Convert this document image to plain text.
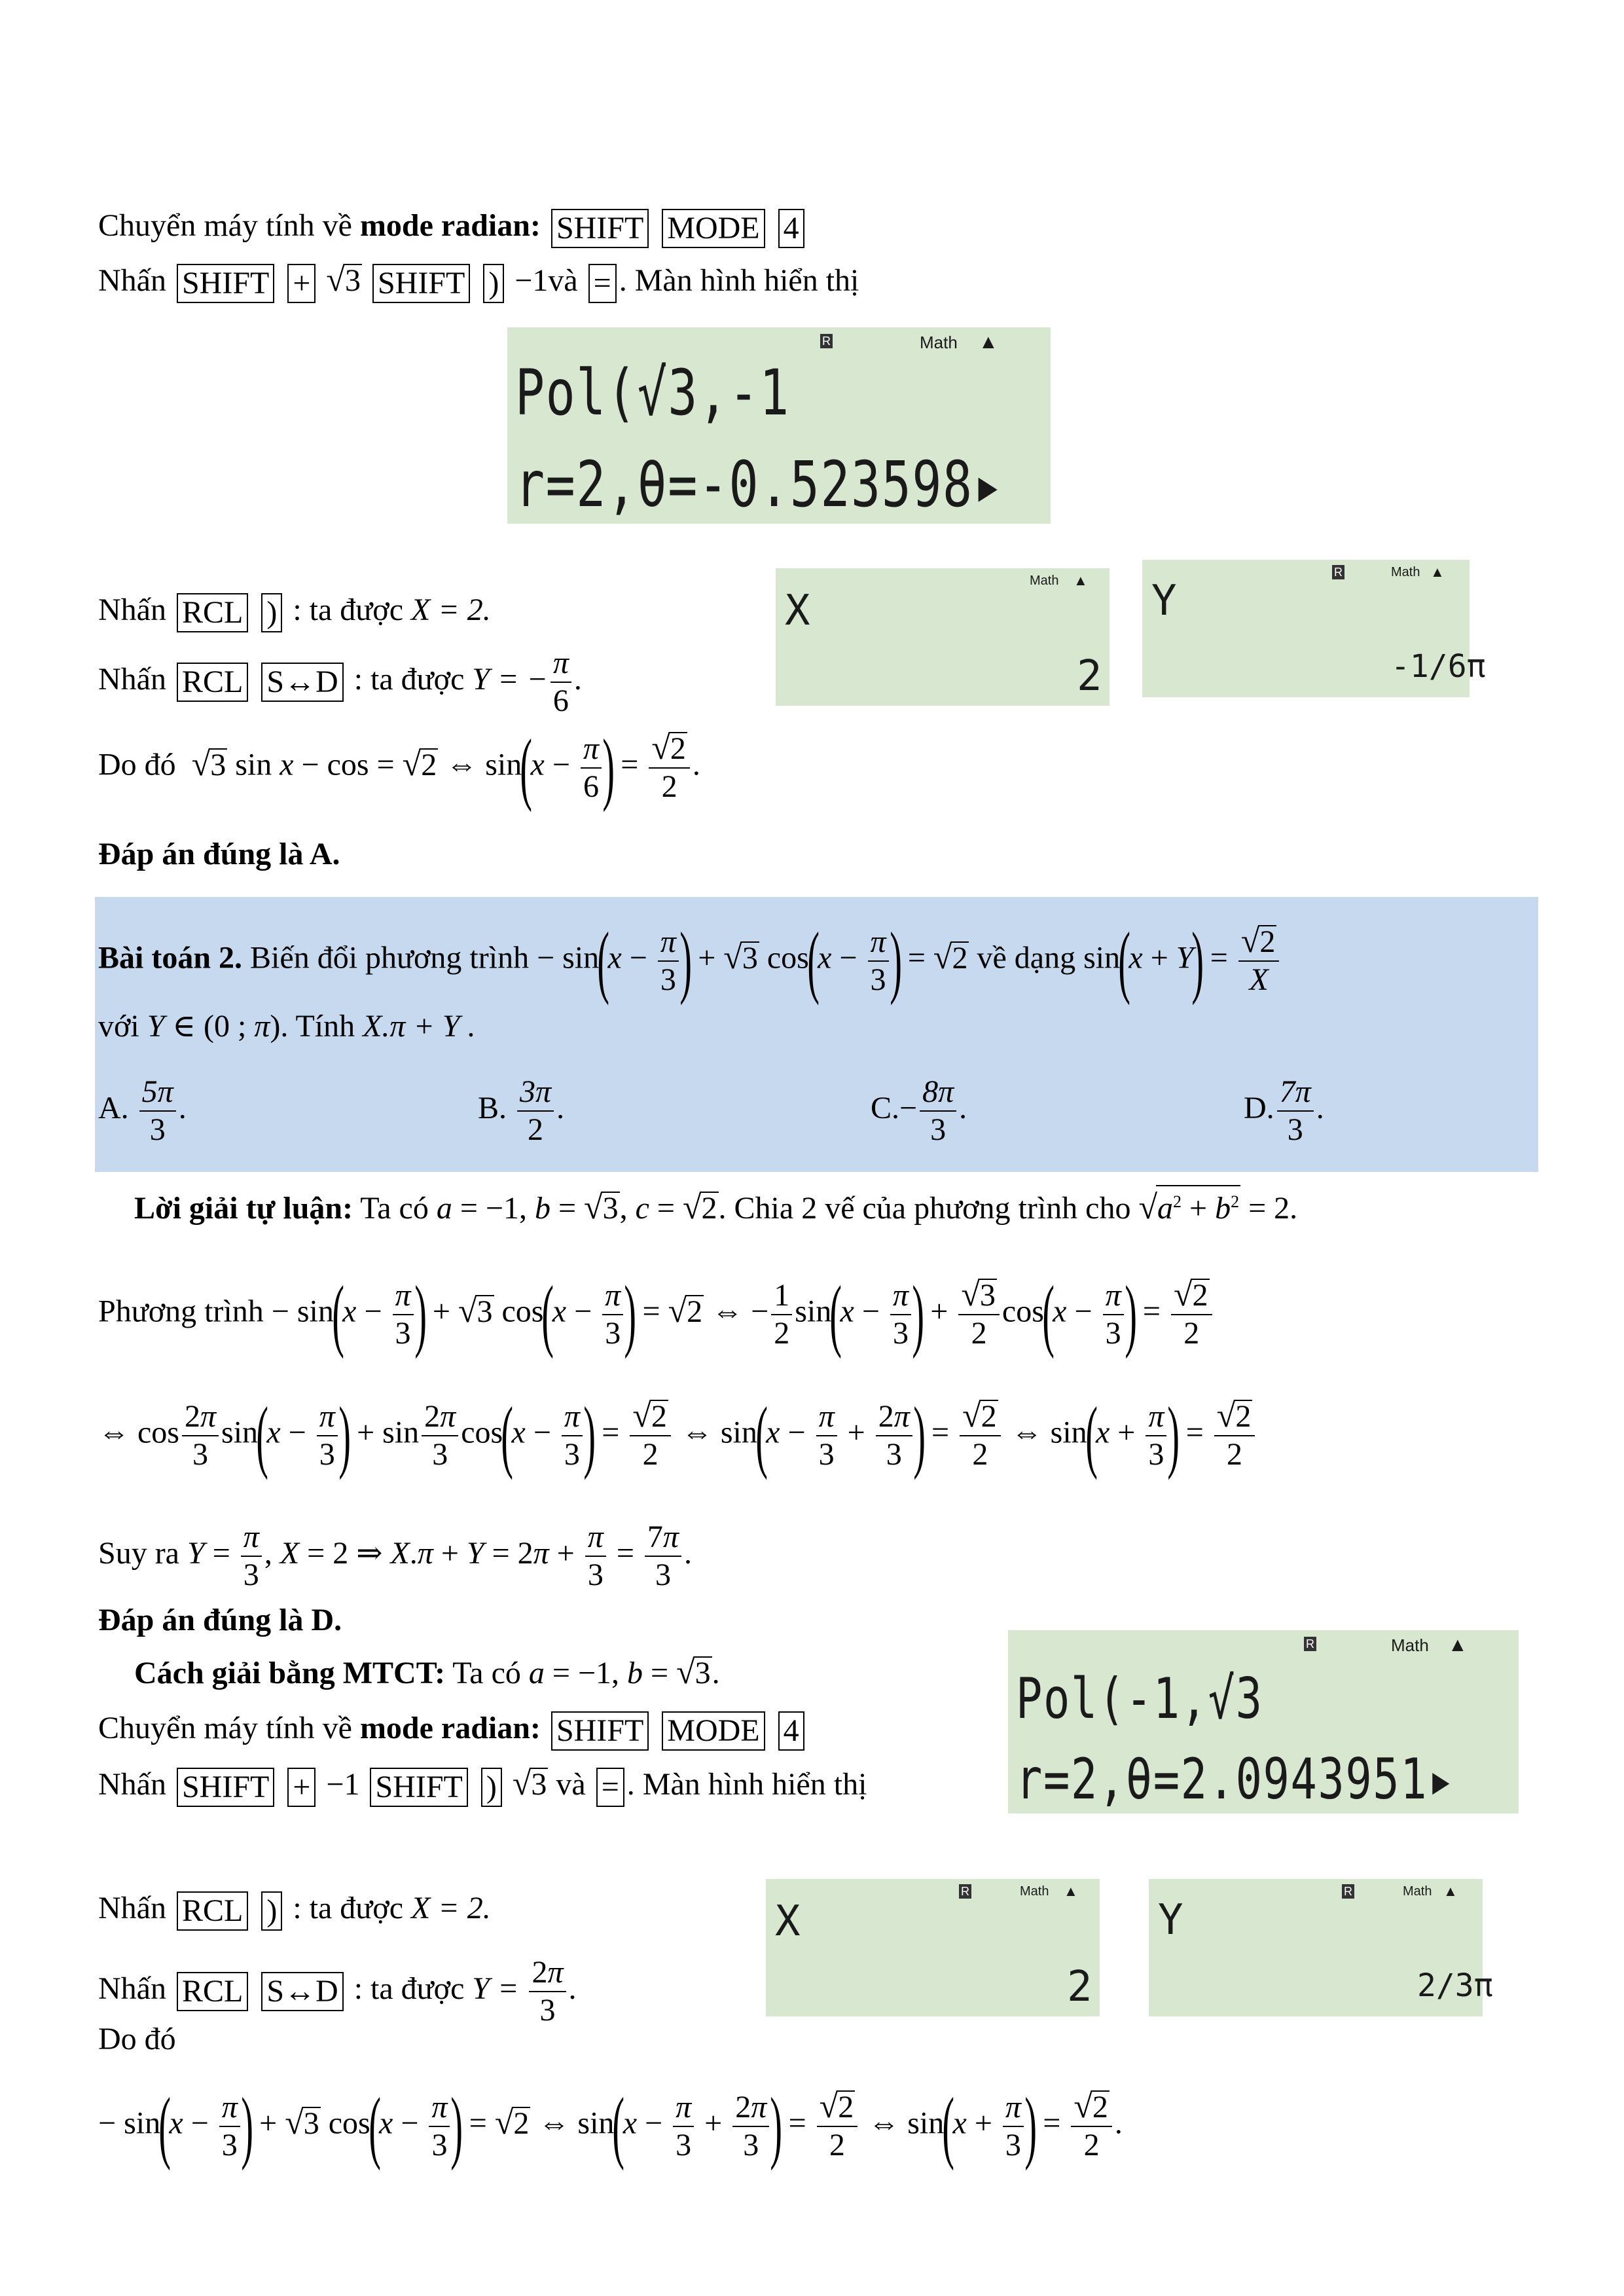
Chuyển máy tính về mode radian: SHIFT MODE 4
Nhấn SHIFT + √3 SHIFT ) −1và = . Màn hình hiển thị
R	Math ▲
Pol(√3,-1
r=2,θ=-0.523598▸
Nhấn RCL ) : ta được X = 2.
Nhấn RCL S↔D : ta được Y = − $\frac{\pi}{6}$ .
Math ▲
X
2
R	Math ▲
Y
-1/6π
Do đó √3 sin x − cos = √2 ⇔ $\sin(x - \frac{\pi}{6}$ ) = $\frac{√2}{2}$ .
Đáp án đúng là A.
Bài toán 2. Biến đổi phương trình − $\sin(x - \frac{\pi}{3}$ ) + √3 $\cos(x - \frac{\pi}{3}$ ) = √2 về dạng $\sin(x + Y) = \frac{√2}{X}$
với Y ∈ (0 ; π). Tính X.π + Y .
A. $\frac{5\pi}{3}$ .	B. $\frac{3\pi}{2}$ .	$C.- \frac{8\pi}{3}$ .	D. $\frac{7\pi}{3}$ .
Lời giải tự luận: Ta có a = −1, b = √3, c = √2. Chia 2 vế của phương trình cho $√a^2 + b^2 = 2$.
Phương trình − $\sin(x - \frac{\pi}{3}$ ) + √3 $\cos(x - \frac{\pi}{3}$ ) = √2 ⇔ − $\frac{1}{2} \sin(x - \frac{\pi}{3}$ ) + $\frac{√3}{2} \cos(x - \frac{\pi}{3}$ ) = $\frac{√2}{2}$
⇔ $\cos \frac{2\pi}{3} \sin(x - \frac{\pi}{3}$ ) + $\sin \frac{2\pi}{3} \cos(x - \frac{\pi}{3}$ ) = $\frac{√2}{2}$ ⇔ $\sin(x - \frac{\pi}{3} + \frac{2\pi}{3}$ ) = $\frac{√2}{2}$ ⇔ $\sin(x + \frac{\pi}{3}$ ) = $\frac{√2}{2}$
Suy ra $Y = \frac{\pi}{3}$ , X = 2 ⇒ $X.\pi + Y = 2\pi + \frac{\pi}{3} = \frac{7\pi}{3}$ .
Đáp án đúng là D.
Cách giải bằng MTCT: Ta có a = −1, b = √3.
Chuyển máy tính về mode radian: SHIFT MODE 4
Nhấn SHIFT + −1 SHIFT ) √3 và = . Màn hình hiển thị
R	Math ▲
Pol(-1,√3
r=2,θ=2.0943951▸
Nhấn RCL ) : ta được X = 2.
Nhấn RCL S↔D : ta được $Y = \frac{2\pi}{3}$ .
R	Math ▲
X
2
R	Math ▲
Y
2/3π
Do đó
− $\sin(x - \frac{\pi}{3}$ ) + √3 $\cos(x - \frac{\pi}{3}$ ) = √2 ⇔ $\sin(x - \frac{\pi}{3} + \frac{2\pi}{3}$ ) = $\frac{√2}{2}$ ⇔ $\sin(x + \frac{\pi}{3}$ ) = $\frac{√2}{2}$ .
